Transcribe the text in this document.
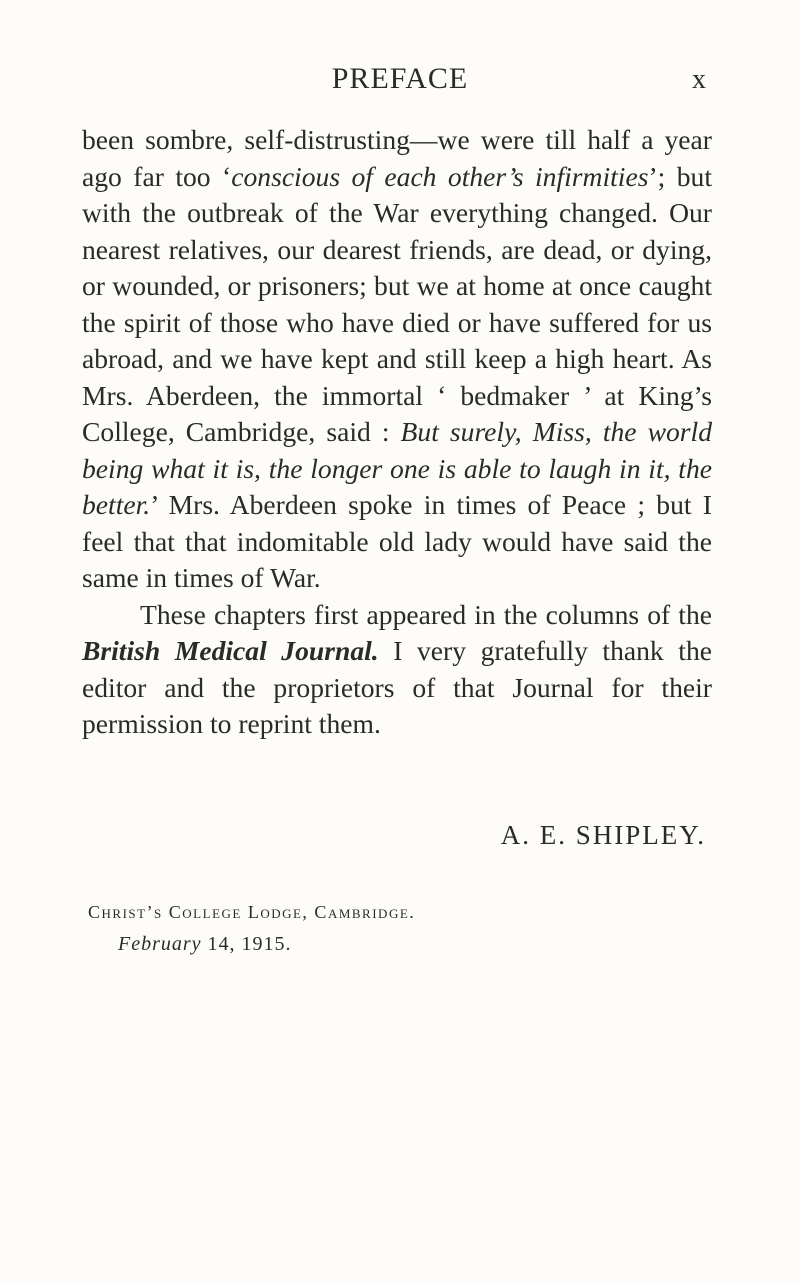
PREFACE	x

been sombre, self-distrusting—we were till half a year ago far too ‘conscious of each other’s infirmities’; but with the outbreak of the War everything changed. Our nearest relatives, our dearest friends, are dead, or dying, or wounded, or prisoners; but we at home at once caught the spirit of those who have died or have suffered for us abroad, and we have kept and still keep a high heart. As Mrs. Aberdeen, the immortal ‘ bedmaker ’ at King’s College, Cambridge, said : But surely, Miss, the world being what it is, the longer one is able to laugh in it, the better.’ Mrs. Aberdeen spoke in times of Peace ; but I feel that that indomitable old lady would have said the same in times of War.

These chapters first appeared in the columns of the British Medical Journal. I very gratefully thank the editor and the proprietors of that Journal for their permission to reprint them.

A. E. SHIPLEY.
Christ’s College Lodge, Cambridge.
February 14, 1915.
